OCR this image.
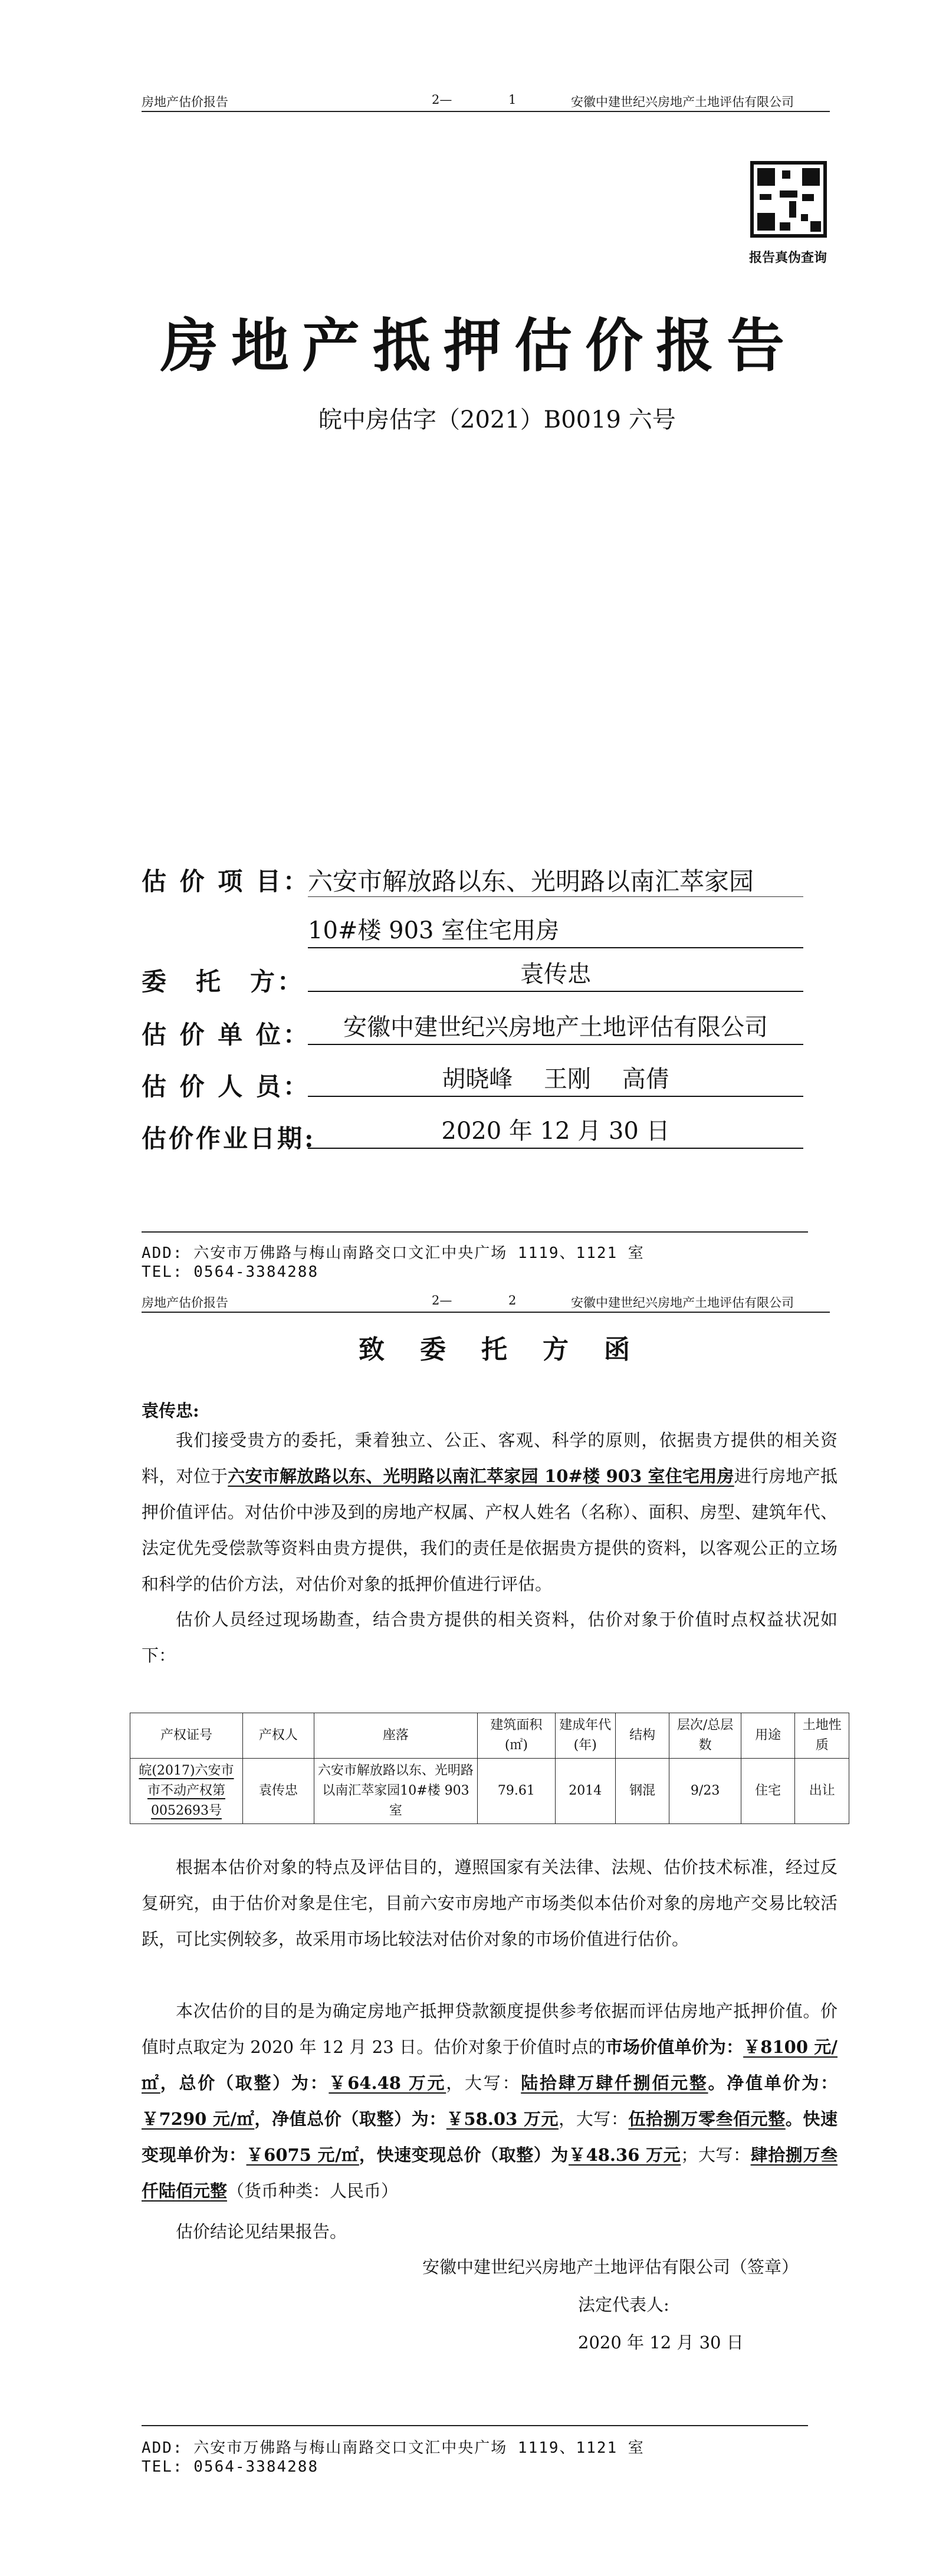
房地产估价报告	2—	1	安徽中建世纪兴房地产土地评估有限公司
报告真伪查询
房地产抵押估价报告
皖中房估字（2021）B0019 六号
估 价 项 目：
六安市解放路以东、光明路以南汇萃家园
10#楼 903 室住宅用房
委　托　方：	袁传忠
估 价 单 位：	安徽中建世纪兴房地产土地评估有限公司
估 价 人 员：	胡晓峰　 王刚　 高倩
估价作业日期:	2020 年 12 月 30 日
ADD: 六安市万佛路与梅山南路交口文汇中央广场 1119、1121 室
TEL: 0564-3384288
房地产估价报告	2—	2	安徽中建世纪兴房地产土地评估有限公司
致委托方函
袁传忠:
我们接受贵方的委托，秉着独立、公正、客观、科学的原则，依据贵方提供的相关资料，对位于六安市解放路以东、光明路以南汇萃家园 10#楼 903 室住宅用房进行房地产抵押价值评估。对估价中涉及到的房地产权属、产权人姓名（名称）、面积、房型、建筑年代、法定优先受偿款等资料由贵方提供，我们的责任是依据贵方提供的资料，以客观公正的立场和科学的估价方法，对估价对象的抵押价值进行评估。
估价人员经过现场勘查，结合贵方提供的相关资料，估价对象于价值时点权益状况如下：
产权证号	产权人	座落	建筑面积(㎡)	建成年代(年)	结构	层次/总层数	用途	土地性质
皖(2017)六安市市不动产权第0052693号	袁传忠	六安市解放路以东、光明路以南汇萃家园10#楼 903 室	79.61	2014	钢混	9/23	住宅	出让
根据本估价对象的特点及评估目的，遵照国家有关法律、法规、估价技术标准，经过反复研究，由于估价对象是住宅，目前六安市房地产市场类似本估价对象的房地产交易比较活跃，可比实例较多，故采用市场比较法对估价对象的市场价值进行估价。
本次估价的目的是为确定房地产抵押贷款额度提供参考依据而评估房地产抵押价值。价值时点取定为 2020 年 12 月 23 日。估价对象于价值时点的市场价值单价为：￥8100 元/㎡，总价（取整）为：￥64.48 万元，大写：陆拾肆万肆仟捌佰元整。净值单价为：￥7290 元/㎡，净值总价（取整）为：￥58.03 万元，大写：伍拾捌万零叁佰元整。快速变现单价为：￥6075 元/㎡，快速变现总价（取整）为￥48.36 万元；大写：肆拾捌万叁仟陆佰元整（货币种类：人民币）
估价结论见结果报告。
安徽中建世纪兴房地产土地评估有限公司（签章）
法定代表人:
2020 年 12 月 30 日
ADD: 六安市万佛路与梅山南路交口文汇中央广场 1119、1121 室
TEL: 0564-3384288
